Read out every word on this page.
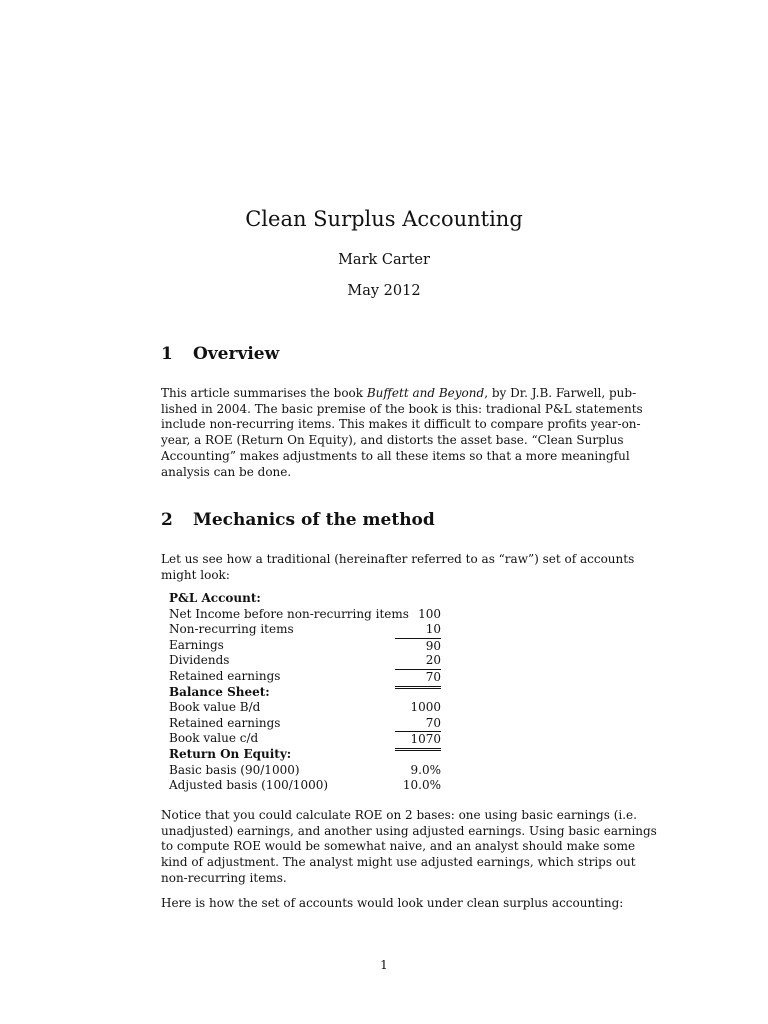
Clean Surplus Accounting
Mark Carter
May 2012
1 Overview
This article summarises the book Buffett and Beyond, by Dr. J.B. Farwell, pub-
lished in 2004. The basic premise of the book is this: tradional P&L statements
include non-recurring items. This makes it difficult to compare profits year-on-
year, a ROE (Return On Equity), and distorts the asset base. “Clean Surplus
Accounting” makes adjustments to all these items so that a more meaningful
analysis can be done.
2 Mechanics of the method
Let us see how a traditional (hereinafter referred to as “raw”) set of accounts
might look:
P&L Account:
Net Income before non-recurring items 100
Non-recurring items	10
Earnings	90
Dividends	20
Retained earnings	70
Balance Sheet:
Book value B/d	1000
Retained earnings	70
Book value c/d	1070
Return On Equity:
Basic basis (90/1000)	9.0%
Adjusted basis (100/1000)	10.0%
Notice that you could calculate ROE on 2 bases: one using basic earnings (i.e.
unadjusted) earnings, and another using adjusted earnings. Using basic earnings
to compute ROE would be somewhat naive, and an analyst should make some
kind of adjustment. The analyst might use adjusted earnings, which strips out
non-recurring items.
Here is how the set of accounts would look under clean surplus accounting:
1
